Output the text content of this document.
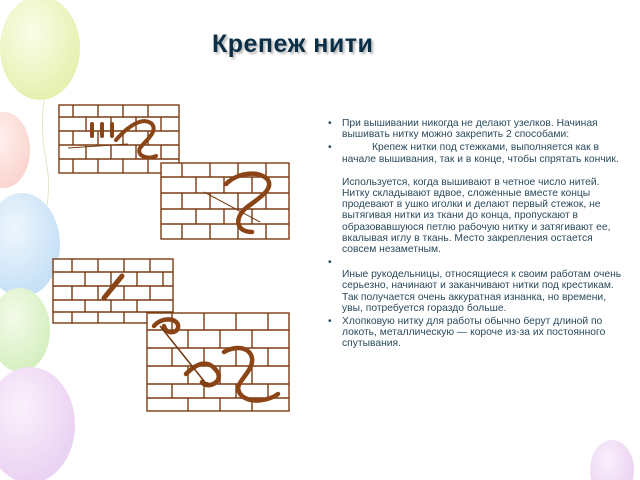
Крепеж нити

• При вышивании никогда не делают узелков. Начиная вышивать нитку можно закрепить 2 способами:

• Крепеж нитки под стежками, выполняется как в начале вышивания, так и в конце, чтобы спрятать кончик.

Используется, когда вышивают в четное число нитей. Нитку складывают вдвое, сложенные вместе концы продевают в ушко иголки и делают первый стежок, не вытягивая нитки из ткани до конца, пропускают в образовавшуюся петлю рабочую нитку и затягивают ее, вкалывая иглу в ткань. Место закрепления остается совсем незаметным.

• Иные рукодельницы, относящиеся к своим работам очень серьезно, начинают и заканчивают нитки под крестикам. Так получается очень аккуратная изнанка, но времени, увы, потребуется гораздо больше.

• Хлопковую нитку для работы обычно берут длиной по локоть, металлическую — короче из-за их постоянного спутывания.
